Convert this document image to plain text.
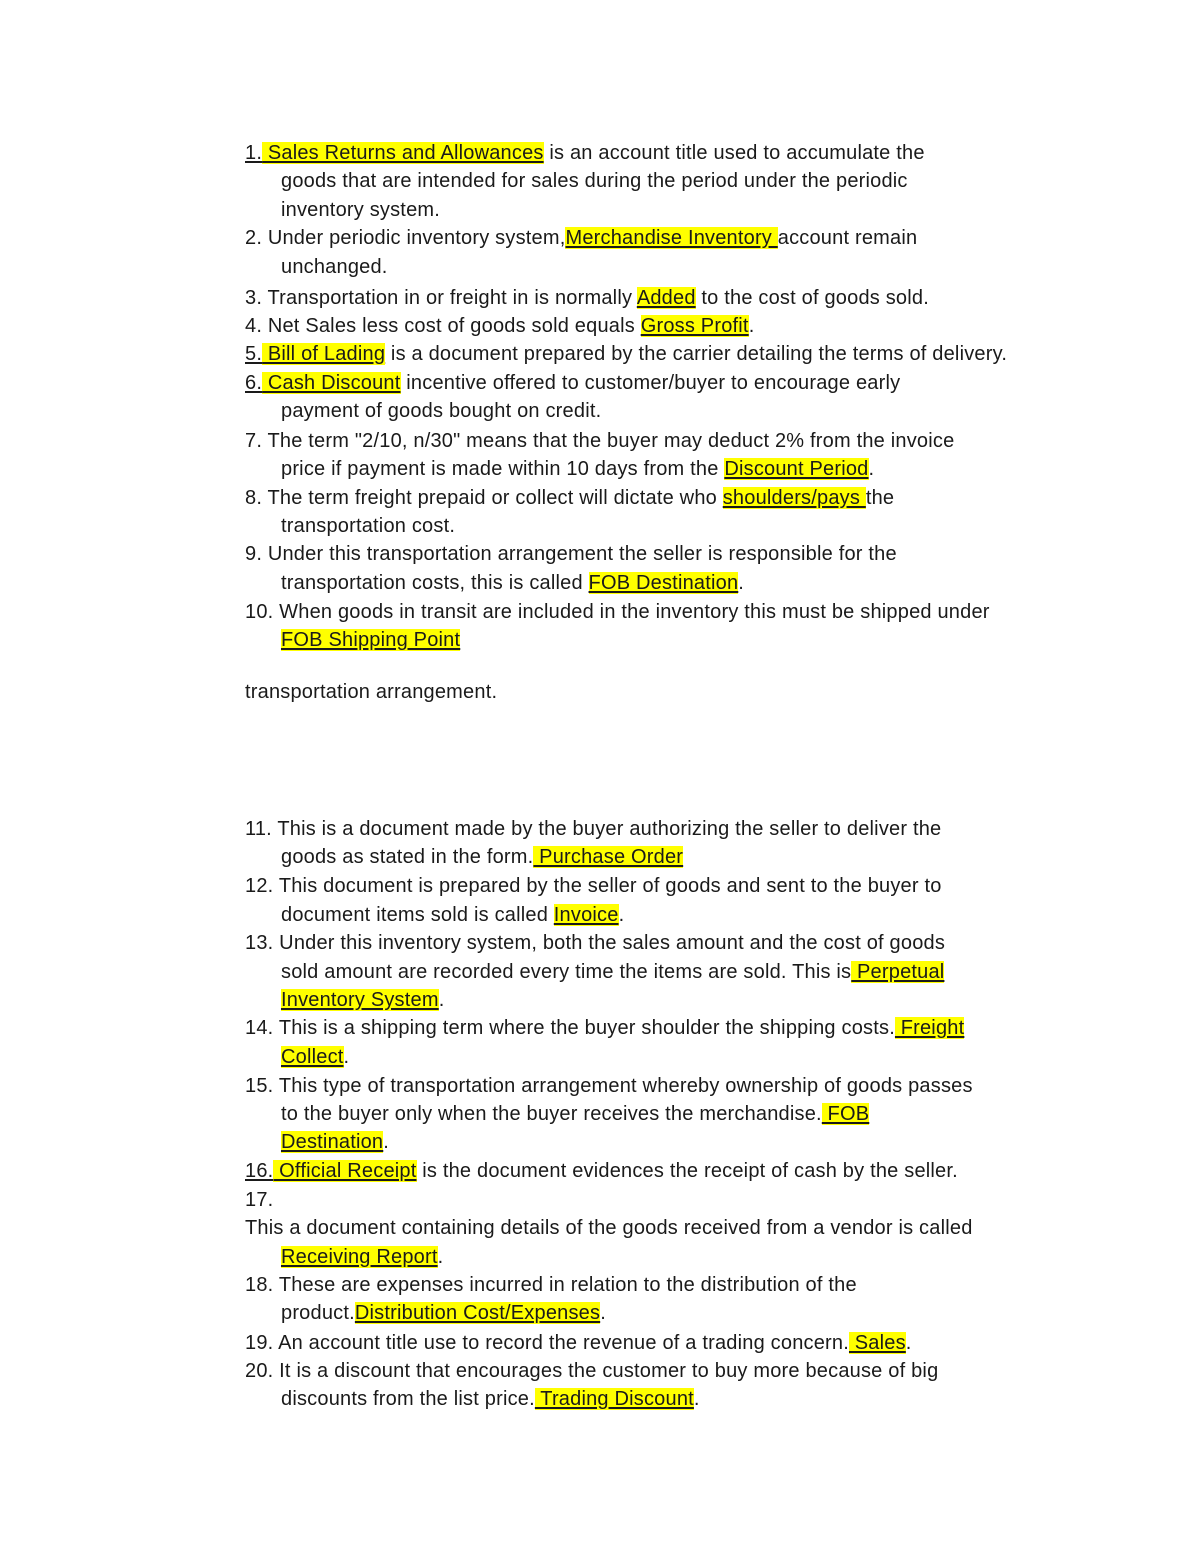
1. Sales Returns and Allowances is an account title used to accumulate the
goods that are intended for sales during the period under the periodic
inventory system.
2. Under periodic inventory system,Merchandise Inventory account remain
unchanged.
3. Transportation in or freight in is normally Added to the cost of goods sold.
4. Net Sales less cost of goods sold equals Gross Profit.
5. Bill of Lading is a document prepared by the carrier detailing the terms of delivery.
6. Cash Discount incentive offered to customer/buyer to encourage early
payment of goods bought on credit.
7. The term "2/10, n/30" means that the buyer may deduct 2% from the invoice
price if payment is made within 10 days from the Discount Period.
8. The term freight prepaid or collect will dictate who shoulders/pays the
transportation cost.
9. Under this transportation arrangement the seller is responsible for the
transportation costs, this is called FOB Destination.
10. When goods in transit are included in the inventory this must be shipped under
FOB Shipping Point
transportation arrangement.
11. This is a document made by the buyer authorizing the seller to deliver the
goods as stated in the form. Purchase Order
12. This document is prepared by the seller of goods and sent to the buyer to
document items sold is called Invoice.
13. Under this inventory system, both the sales amount and the cost of goods
sold amount are recorded every time the items are sold. This is Perpetual
Inventory System.
14. This is a shipping term where the buyer shoulder the shipping costs. Freight
Collect.
15. This type of transportation arrangement whereby ownership of goods passes
to the buyer only when the buyer receives the merchandise. FOB
Destination.
16. Official Receipt is the document evidences the receipt of cash by the seller.
17.
This a document containing details of the goods received from a vendor is called
Receiving Report.
18. These are expenses incurred in relation to the distribution of the
product.Distribution Cost/Expenses.
19. An account title use to record the revenue of a trading concern. Sales.
20. It is a discount that encourages the customer to buy more because of big
discounts from the list price. Trading Discount.
